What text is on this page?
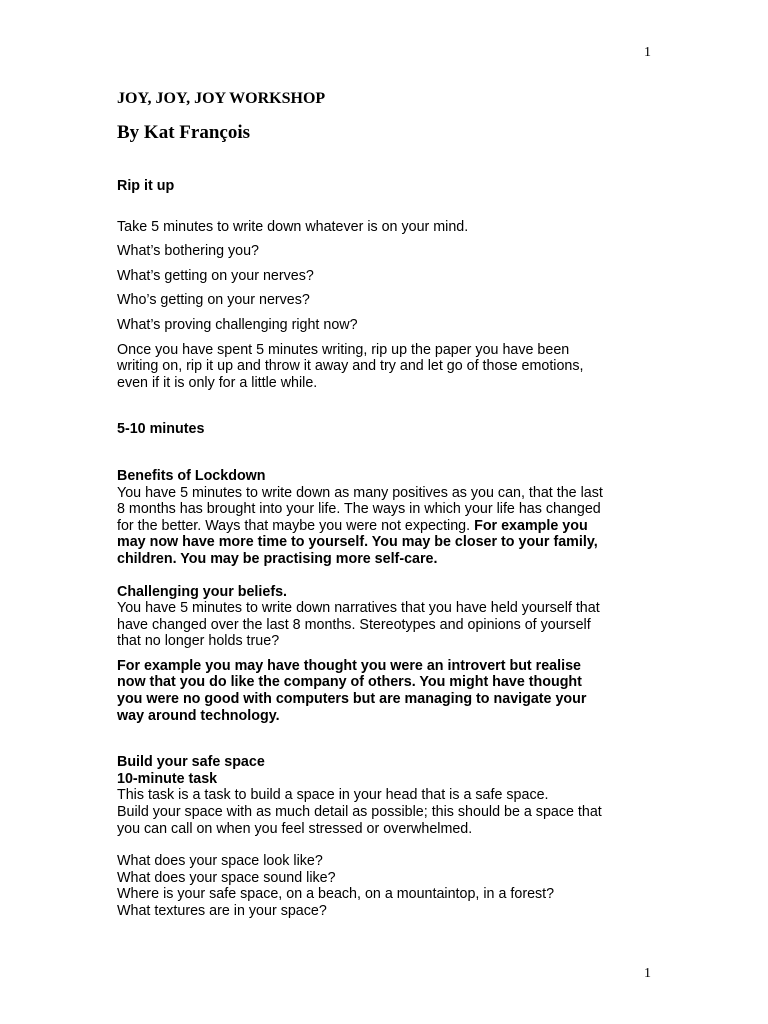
1
JOY, JOY, JOY WORKSHOP
By Kat François
Rip it up
Take 5 minutes to write down whatever is on your mind.
What’s bothering you?
What’s getting on your nerves?
Who’s getting on your nerves?
What’s proving challenging right now?
Once you have spent 5 minutes writing, rip up the paper you have been
writing on, rip it up and throw it away and try and let go of those emotions,
even if it is only for a little while.
5-10 minutes
Benefits of Lockdown
You have 5 minutes to write down as many positives as you can, that the last
8 months has brought into your life. The ways in which your life has changed
for the better. Ways that maybe you were not expecting. For example you
may now have more time to yourself. You may be closer to your family,
children. You may be practising more self-care.
Challenging your beliefs.
You have 5 minutes to write down narratives that you have held yourself that
have changed over the last 8 months. Stereotypes and opinions of yourself
that no longer holds true?
For example you may have thought you were an introvert but realise
now that you do like the company of others. You might have thought
you were no good with computers but are managing to navigate your
way around technology.
Build your safe space
10-minute task
This task is a task to build a space in your head that is a safe space.
Build your space with as much detail as possible; this should be a space that
you can call on when you feel stressed or overwhelmed.
What does your space look like?
What does your space sound like?
Where is your safe space, on a beach, on a mountaintop, in a forest?
What textures are in your space?
1
